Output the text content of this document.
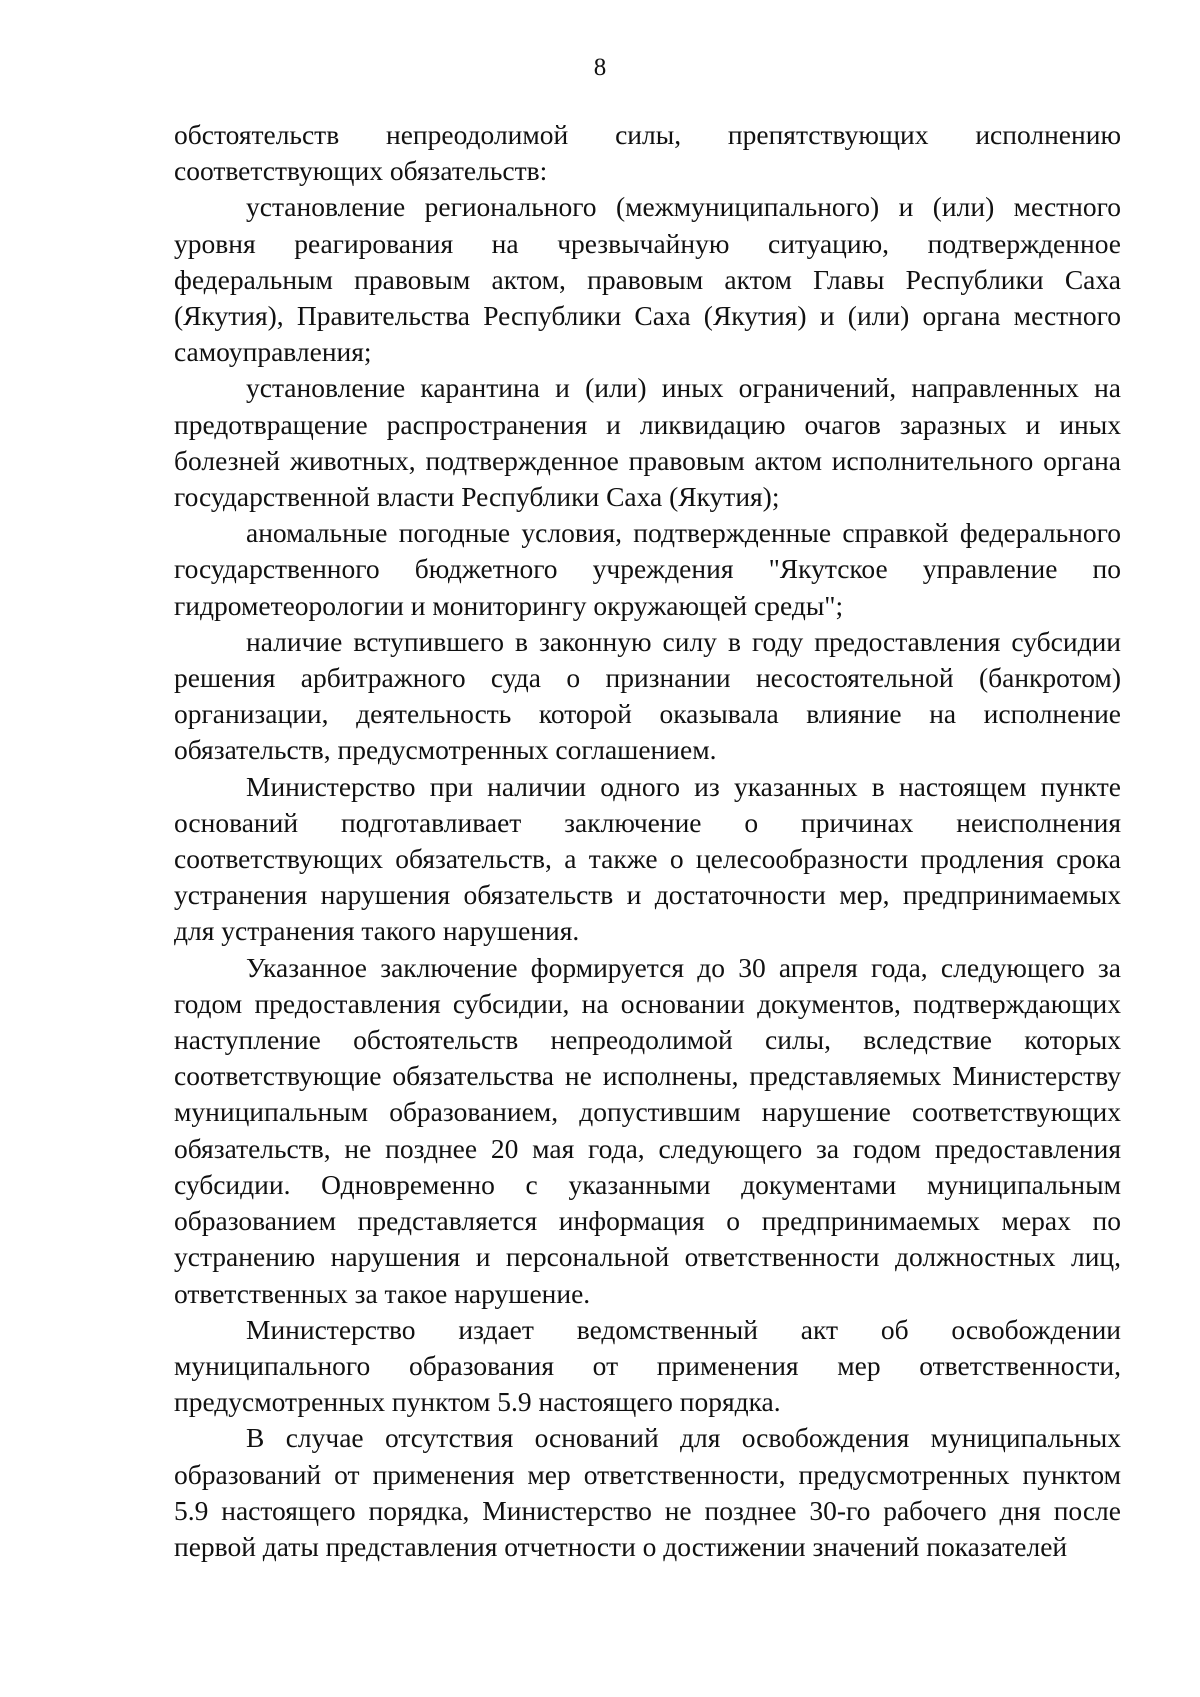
8

обстоятельств непреодолимой силы, препятствующих исполнению соответствующих обязательств:

установление регионального (межмуниципального) и (или) местного уровня реагирования на чрезвычайную ситуацию, подтвержденное федеральным правовым актом, правовым актом Главы Республики Саха (Якутия), Правительства Республики Саха (Якутия) и (или) органа местного самоуправления;

установление карантина и (или) иных ограничений, направленных на предотвращение распространения и ликвидацию очагов заразных и иных болезней животных, подтвержденное правовым актом исполнительного органа государственной власти Республики Саха (Якутия);

аномальные погодные условия, подтвержденные справкой федерального государственного бюджетного учреждения "Якутское управление по гидрометеорологии и мониторингу окружающей среды";

наличие вступившего в законную силу в году предоставления субсидии решения арбитражного суда о признании несостоятельной (банкротом) организации, деятельность которой оказывала влияние на исполнение обязательств, предусмотренных соглашением.

Министерство при наличии одного из указанных в настоящем пункте оснований подготавливает заключение о причинах неисполнения соответствующих обязательств, а также о целесообразности продления срока устранения нарушения обязательств и достаточности мер, предпринимаемых для устранения такого нарушения.

Указанное заключение формируется до 30 апреля года, следующего за годом предоставления субсидии, на основании документов, подтверждающих наступление обстоятельств непреодолимой силы, вследствие которых соответствующие обязательства не исполнены, представляемых Министерству муниципальным образованием, допустившим нарушение соответствующих обязательств, не позднее 20 мая года, следующего за годом предоставления субсидии. Одновременно с указанными документами муниципальным образованием представляется информация о предпринимаемых мерах по устранению нарушения и персональной ответственности должностных лиц, ответственных за такое нарушение.

Министерство издает ведомственный акт об освобождении муниципального образования от применения мер ответственности, предусмотренных пунктом 5.9 настоящего порядка.

В случае отсутствия оснований для освобождения муниципальных образований от применения мер ответственности, предусмотренных пунктом 5.9 настоящего порядка, Министерство не позднее 30-го рабочего дня после первой даты представления отчетности о достижении значений показателей
